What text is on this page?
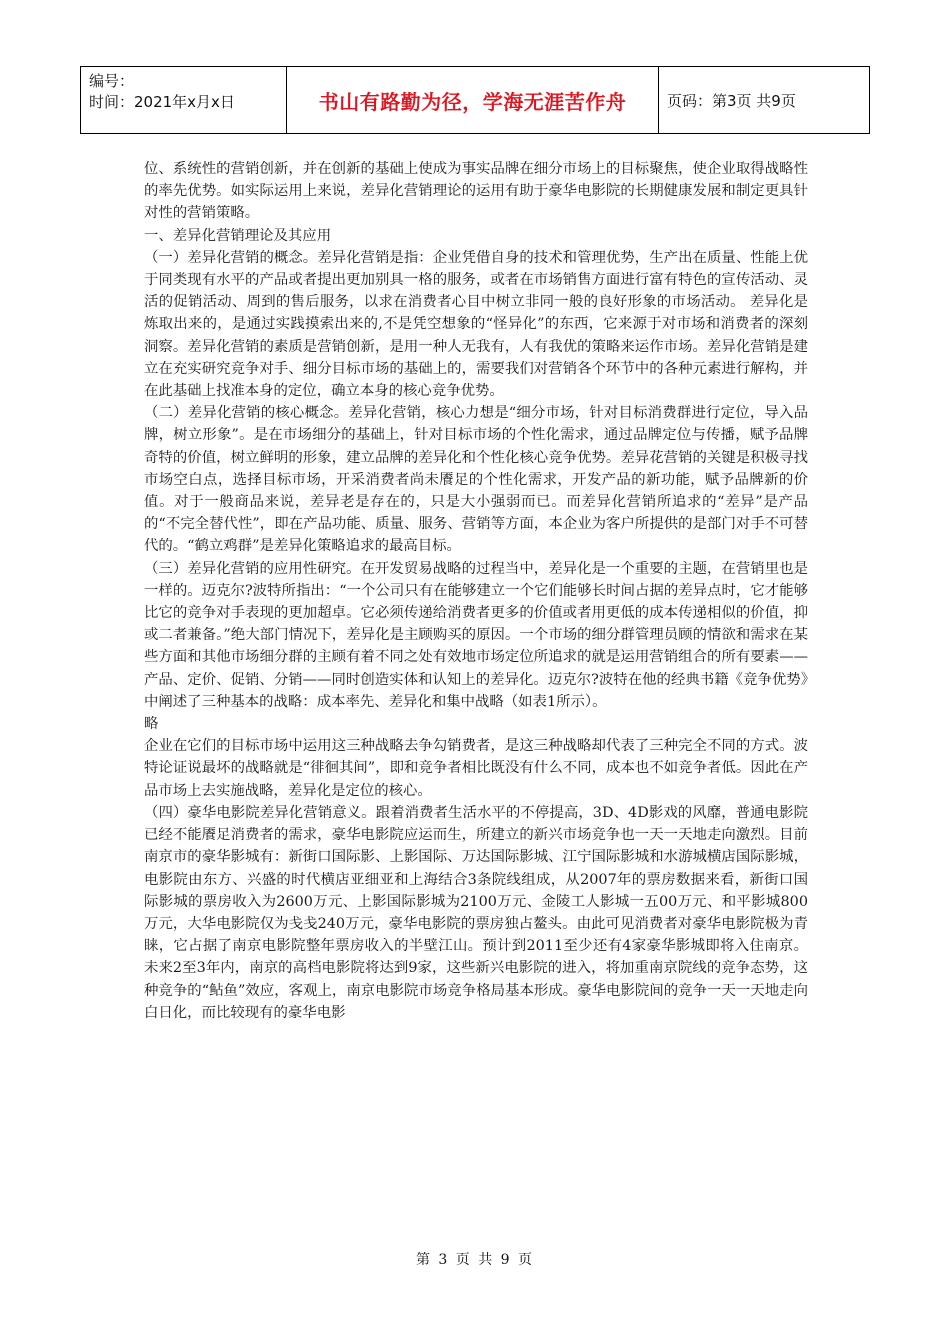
编号：
时间：2021年x月x日	书山有路勤为径，学海无涯苦作舟	页码：第3页 共9页

位、系统性的营销创新，并在创新的基础上使成为事实品牌在细分市场上的目标聚焦，使企业取得战略性的率先优势。如实际运用上来说，差异化营销理论的运用有助于豪华电影院的长期健康发展和制定更具针对性的营销策略。

一、差异化营销理论及其应用

（一）差异化营销的概念。差异化营销是指：企业凭借自身的技术和管理优势，生产出在质量、性能上优于同类现有水平的产品或者提出更加别具一格的服务，或者在市场销售方面进行富有特色的宣传活动、灵活的促销活动、周到的售后服务，以求在消费者心目中树立非同一般的良好形象的市场活动。 差异化是炼取出来的，是通过实践摸索出来的,不是凭空想象的“怪异化”的东西，它来源于对市场和消费者的深刻洞察。差异化营销的素质是营销创新，是用一种人无我有，人有我优的策略来运作市场。差异化营销是建立在充实研究竞争对手、细分目标市场的基础上的，需要我们对营销各个环节中的各种元素进行解构，并在此基础上找准本身的定位，确立本身的核心竞争优势。

（二）差异化营销的核心概念。差异化营销，核心力想是“细分市场，针对目标消费群进行定位，导入品牌，树立形象”。是在市场细分的基础上，针对目标市场的个性化需求，通过品牌定位与传播，赋予品牌奇特的价值，树立鲜明的形象，建立品牌的差异化和个性化核心竞争优势。差异花营销的关键是积极寻找市场空白点，选择目标市场，开采消费者尚未餍足的个性化需求，开发产品的新功能，赋予品牌新的价值。对于一般商品来说，差异老是存在的，只是大小强弱而已。而差异化营销所追求的“差异”是产品的“不完全替代性”，即在产品功能、质量、服务、营销等方面，本企业为客户所提供的是部门对手不可替代的。“鹤立鸡群”是差异化策略追求的最高目标。

（三）差异化营销的应用性研究。在开发贸易战略的过程当中，差异化是一个重要的主题，在营销里也是一样的。迈克尔?波特所指出：“一个公司只有在能够建立一个它们能够长时间占据的差异点时，它才能够比它的竞争对手表现的更加超卓。它必须传递给消费者更多的价值或者用更低的成本传递相似的价值，抑或二者兼备。”绝大部门情况下，差异化是主顾购买的原因。一个市场的细分群管理员顾的情欲和需求在某些方面和其他市场细分群的主顾有着不同之处有效地市场定位所追求的就是运用营销组合的所有要素——产品、定价、促销、分销——同时创造实体和认知上的差异化。迈克尔?波特在他的经典书籍《竞争优势》中阐述了三种基本的战略：成本率先、差异化和集中战略（如表1所示）。

略

企业在它们的目标市场中运用这三种战略去争勾销费者，是这三种战略却代表了三种完全不同的方式。波特论证说最坏的战略就是“徘徊其间”，即和竞争者相比既没有什么不同，成本也不如竞争者低。因此在产品市场上去实施战略，差异化是定位的核心。

（四）豪华电影院差异化营销意义。跟着消费者生活水平的不停提高，3D、4D影戏的风靡，普通电影院已经不能餍足消费者的需求，豪华电影院应运而生，所建立的新兴市场竞争也一天一天地走向激烈。目前南京市的豪华影城有：新街口国际影、上影国际、万达国际影城、江宁国际影城和水游城横店国际影城，电影院由东方、兴盛的时代横店亚细亚和上海结合3条院线组成，从2007年的票房数据来看，新街口国际影城的票房收入为2600万元、上影国际影城为2100万元、金陵工人影城一五00万元、和平影城800万元，大华电影院仅为戋戋240万元，豪华电影院的票房独占鳌头。由此可见消费者对豪华电影院极为青睐，它占据了南京电影院整年票房收入的半壁江山。预计到2011至少还有4家豪华影城即将入住南京。未来2至3年内，南京的高档电影院将达到9家，这些新兴电影院的进入，将加重南京院线的竞争态势，这种竞争的“鲇鱼”效应，客观上，南京电影院市场竞争格局基本形成。豪华电影院间的竞争一天一天地走向白日化，而比较现有的豪华电影

第 3 页 共 9 页
